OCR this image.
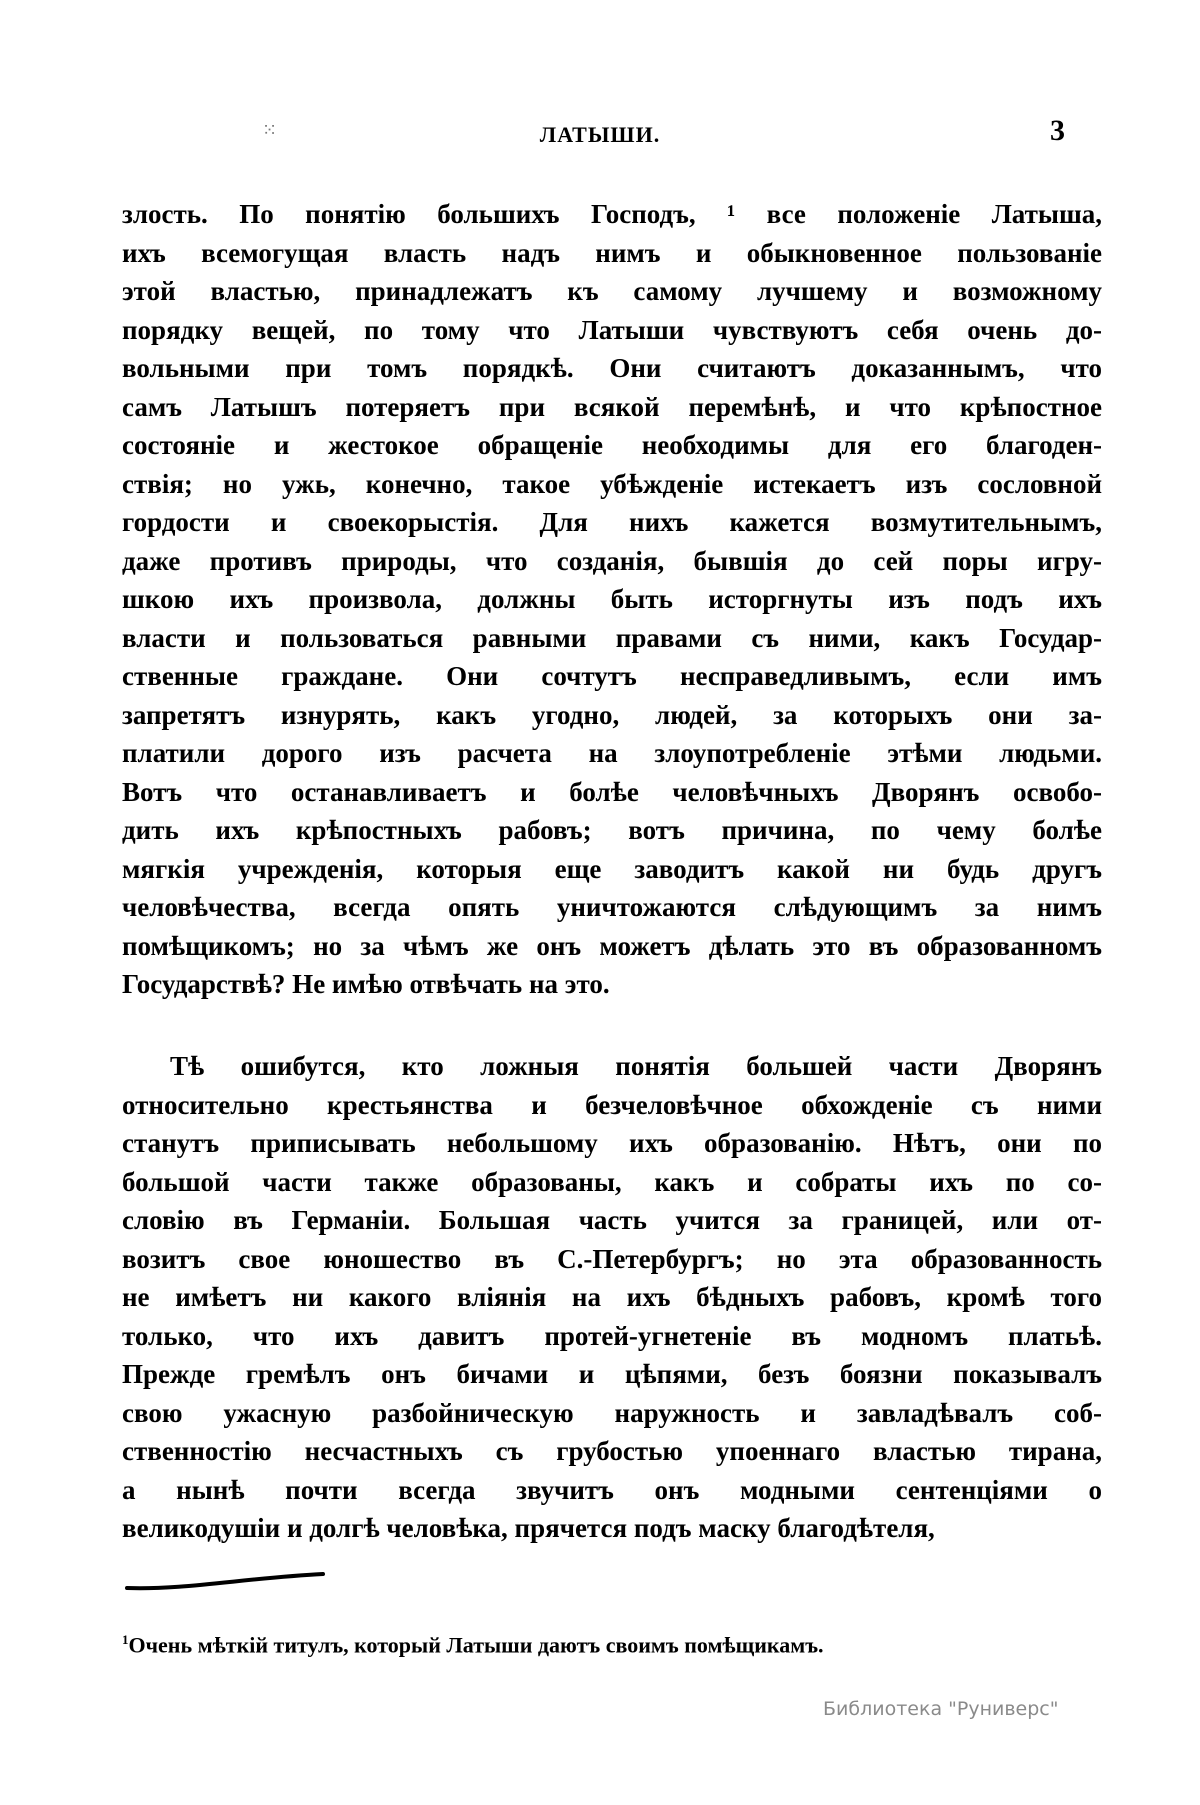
⁙	ЛАТЫШИ.	3
злость. По понятію большихъ Господъ, ¹ все положеніе Латыша,
ихъ всемогущая власть надъ нимъ и обыкновенное пользованіе
этой властью, принадлежатъ къ самому лучшему и возможному
порядку вещей, по тому что Латыши чувствуютъ себя очень до-
вольными при томъ порядкѣ. Они считаютъ доказаннымъ, что
самъ Латышъ потеряетъ при всякой перемѣнѣ, и что крѣпостное
состояніе и жестокое обращеніе необходимы для его благоден-
ствія; но ужь, конечно, такое убѣжденіе истекаетъ изъ сословной
гордости и своекорыстія. Для нихъ кажется возмутительнымъ,
даже противъ природы, что созданія, бывшія до сей поры игру-
шкою ихъ произвола, должны быть исторгнуты изъ подъ ихъ
власти и пользоваться равными правами съ ними, какъ Государ-
ственные граждане. Они сочтутъ несправедливымъ, если имъ
запретятъ изнурять, какъ угодно, людей, за которыхъ они за-
платили дорого изъ расчета на злоупотребленіе этѣми людьми.
Вотъ что останавливаетъ и болѣе человѣчныхъ Дворянъ освобо-
дить ихъ крѣпостныхъ рабовъ; вотъ причина, по чему болѣе
мягкія учрежденія, которыя еще заводитъ какой ни будь другъ
человѣчества, всегда опять уничтожаются слѣдующимъ за нимъ
помѣщикомъ; но за чѣмъ же онъ можетъ дѣлать это въ образованномъ
Государствѣ? Не имѣю отвѣчать на это.
Тѣ ошибутся, кто ложныя понятія большей части Дворянъ
относительно крестьянства и безчеловѣчное обхожденіе съ ними
станутъ приписывать небольшому ихъ образованію. Нѣтъ, они по
большой части также образованы, какъ и собраты ихъ по со-
словію въ Германіи. Большая часть учится за границей, или от-
возитъ свое юношество въ С.-Петербургъ; но эта образованность
не имѣетъ ни какого вліянія на ихъ бѣдныхъ рабовъ, кромѣ того
только, что ихъ давитъ протей-угнетеніе въ модномъ платьѣ.
Прежде гремѣлъ онъ бичами и цѣпями, безъ боязни показывалъ
свою ужасную разбойническую наружность и завладѣвалъ соб-
ственностію несчастныхъ съ грубостью упоеннаго властью тирана,
а нынѣ почти всегда звучитъ онъ модными сентенціями о
великодушіи и долгѣ человѣка, прячется подъ маску благодѣтеля,
$^1$Очень мѣткій титулъ, который Латыши даютъ своимъ помѣщикамъ.
Библиотека "Руниверс"
